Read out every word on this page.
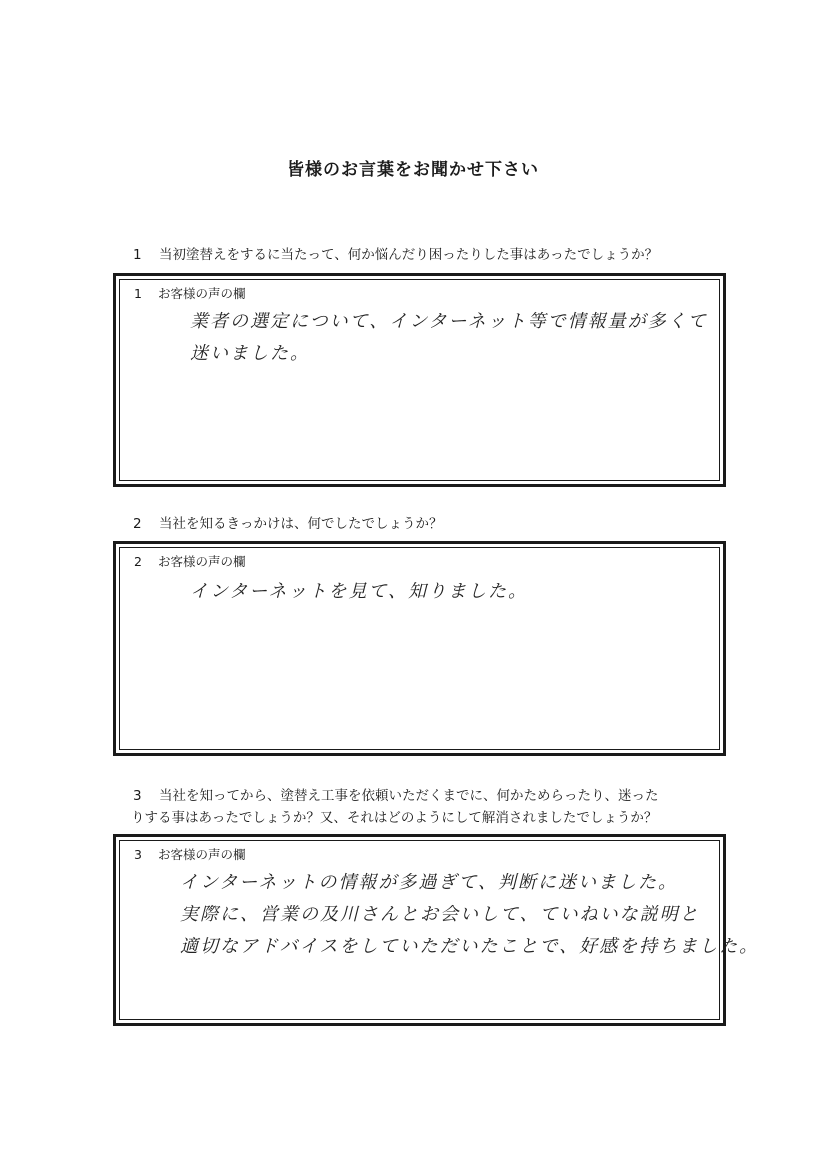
皆様のお言葉をお聞かせ下さい
1 当初塗替えをするに当たって、何か悩んだり困ったりした事はあったでしょうか？
1 お客様の声の欄
業者の選定について、インターネット等で情報量が多くて
迷いました。
2 当社を知るきっかけは、何でしたでしょうか？
2 お客様の声の欄
インターネットを見て、知りました。
3 当社を知ってから、塗替え工事を依頼いただくまでに、何かためらったり、迷った
りする事はあったでしょうか？又、それはどのようにして解消されましたでしょうか？
3 お客様の声の欄
インターネットの情報が多過ぎて、判断に迷いました。
実際に、営業の及川さんとお会いして、ていねいな説明と
適切なアドバイスをしていただいたことで、好感を持ちました。
